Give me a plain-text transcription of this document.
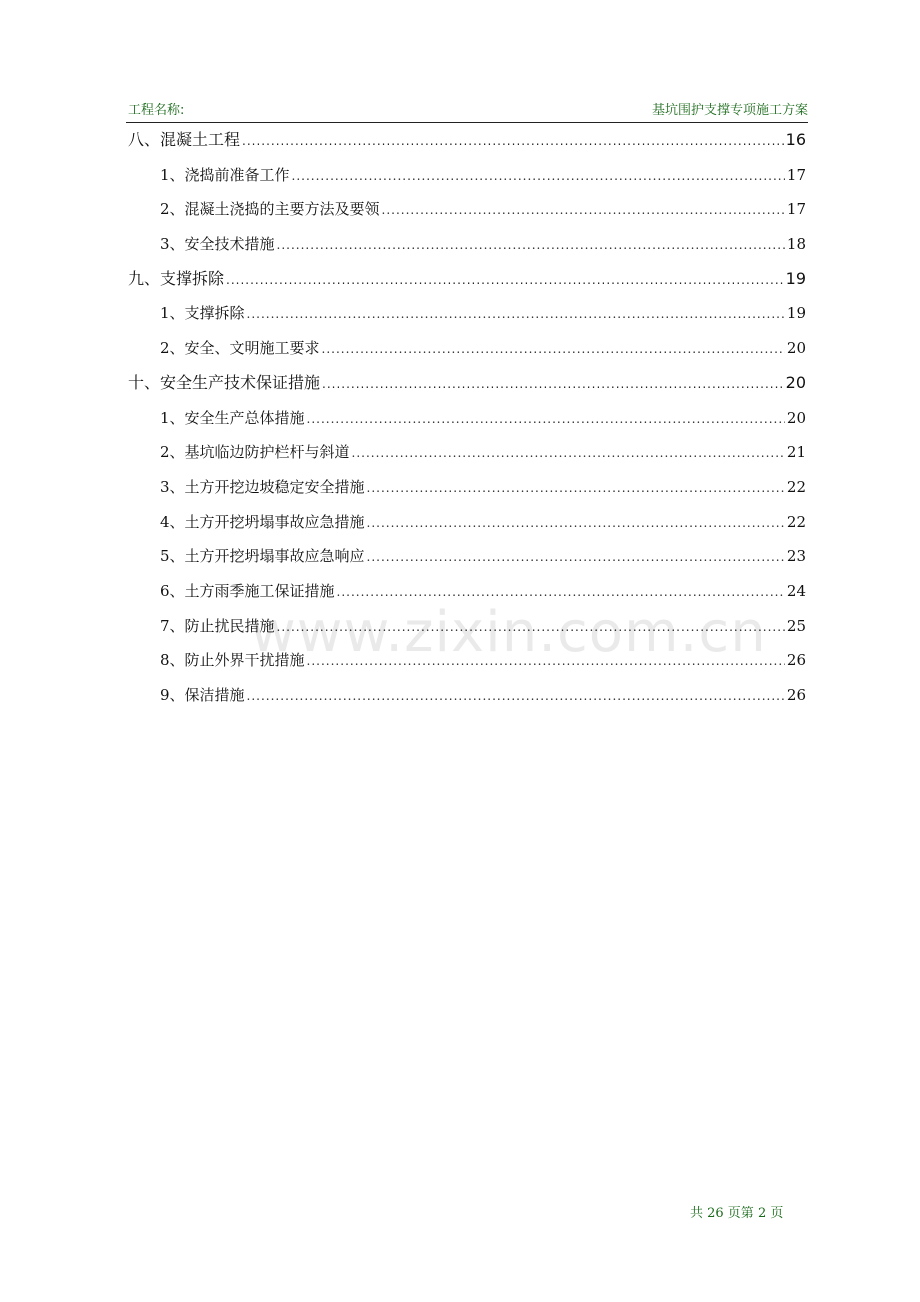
工程名称:	基坑围护支撑专项施工方案
八、混凝土工程 .....	16
1、浇捣前准备工作 .....	17
2、混凝土浇捣的主要方法及要领 .....	17
3、安全技术措施 .....	18
九、支撑拆除 .....	19
1、支撑拆除 .....	19
2、安全、文明施工要求 .....	20
十、安全生产技术保证措施 .....	20
1、安全生产总体措施 .....	20
2、基坑临边防护栏杆与斜道 .....	21
3、土方开挖边坡稳定安全措施 .....	22
4、土方开挖坍塌事故应急措施 .....	22
5、土方开挖坍塌事故应急响应 .....	23
6、土方雨季施工保证措施 .....	24
7、防止扰民措施 .....	25
8、防止外界干扰措施 .....	26
9、保洁措施 .....	26
www.zixin.com.cn
共 26 页第 2 页
